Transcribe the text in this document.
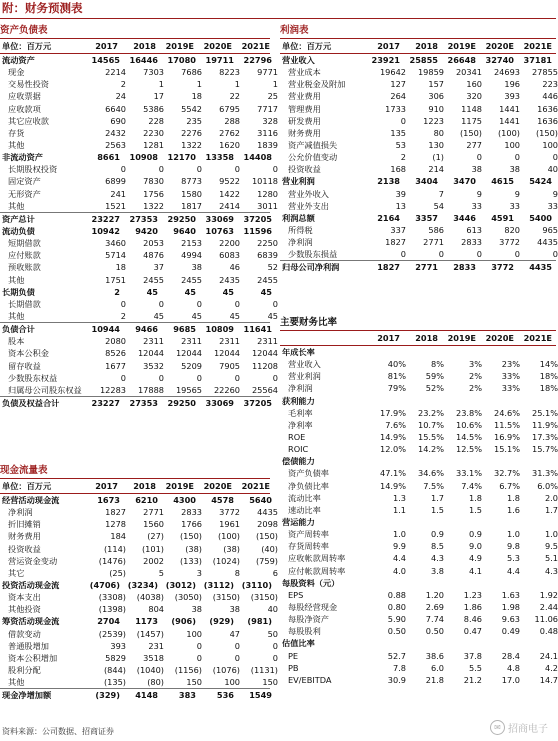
附：财务预测表
资产负债表
单位：百万元	2017	2018	2019E	2020E	2021E
流动资产	14565	16446	17080	19711	22796
现金	2214	7303	7686	8223	9771
交易性投资	2	1	1	1	1
应收票据	24	17	18	22	25
应收款项	6640	5386	5542	6795	7717
其它应收款	690	228	235	288	328
存货	2432	2230	2276	2762	3116
其他	2563	1281	1322	1620	1839
非流动资产	8661	10908	12170	13358	14408
长期股权投资	0	0	0	0	0
固定资产	6899	7830	8773	9522	10118
无形资产	241	1756	1580	1422	1280
其他	1521	1322	1817	2414	3011
资产总计	23227	27353	29250	33069	37205
流动负债	10942	9420	9640	10763	11596
短期借款	3460	2053	2153	2200	2250
应付账款	5714	4876	4994	6083	6839
预收账款	18	37	38	46	52
其他	1751	2455	2455	2435	2455
长期负债	2	45	45	45	45
长期借款	0	0	0	0	0
其他	2	45	45	45	45
负债合计	10944	9466	9685	10809	11641
股本	2080	2311	2311	2311	2311
资本公积金	8526	12044	12044	12044	12044
留存收益	1677	3532	5209	7905	11208
少数股东权益	0	0	0	0	0
归属母公司股东权益	12283	17888	19565	22260	25564
负债及权益合计	23227	27353	29250	33069	37205
现金流量表
单位：百万元	2017	2018	2019E	2020E	2021E
经营活动现金流	1673	6210	4300	4578	5640
净利润	1827	2771	2833	3772	4435
折旧摊销	1278	1560	1766	1961	2098
财务费用	184	(27)	(150)	(100)	(150)
投资收益	(114)	(101)	(38)	(38)	(40)
营运资金变动	(1476)	2002	(133)	(1024)	(759)
其它	(25)	5	3	8	6
投资活动现金流	(4706) (3234) (3012) (3112) (3110)
资本支出	(3308)	(4038)	(3050)	(3150)	(3150)
其他投资	(1398)	804	38	38	40
筹资活动现金流	2704	1173	(906)	(929)	(981)
借款变动	(2539)	(1457)	100	47	50
普通股增加	393	231	0	0	0
资本公积增加	5829	3518	0	0	0
股利分配	(844)	(1040)	(1156)	(1076)	(1131)
其他	(135)	(80)	150	100	150
现金净增加额	(329)	4148	383	536	1549
利润表
单位：百万元	2017	2018	2019E	2020E	2021E
营业收入	23921	25855	26648	32740	37181
营业成本	19642	19859	20341	24693	27855
营业税金及附加	127	157	160	196	223
营业费用	264	306	320	393	446
管理费用	1733	910	1148	1441	1636
研发费用	0	1223	1175	1441	1636
财务费用	135	80	(150)	(100)	(150)
资产减值损失	53	130	277	100	100
公允价值变动	2	(1)	0	0	0
投资收益	168	214	38	38	40
营业利润	2138	3404	3470	4615	5424
营业外收入	39	7	9	9	9
营业外支出	13	54	33	33	33
利润总额	2164	3357	3446	4591	5400
所得税	337	586	613	820	965
净利润	1827	2771	2833	3772	4435
少数股东损益	0	0	0	0	0
归母公司净利润	1827	2771	2833	3772	4435
主要财务比率
2017	2018	2019E	2020E	2021E
年成长率
营业收入	40%	8%	3%	23%	14%
营业利润	81%	59%	2%	33%	18%
净利润	79%	52%	2%	33%	18%
获利能力
毛利率	17.9%	23.2%	23.8%	24.6%	25.1%
净利率	7.6%	10.7%	10.6%	11.5%	11.9%
ROE	14.9%	15.5%	14.5%	16.9%	17.3%
ROIC	12.0%	14.2%	12.5%	15.1%	15.7%
偿债能力
资产负债率	47.1%	34.6%	33.1%	32.7%	31.3%
净负债比率	14.9%	7.5%	7.4%	6.7%	6.0%
流动比率	1.3	1.7	1.8	1.8	2.0
速动比率	1.1	1.5	1.5	1.6	1.7
营运能力
资产周转率	1.0	0.9	0.9	1.0	1.0
存货周转率	9.9	8.5	9.0	9.8	9.5
应收帐款周转率	4.4	4.3	4.9	5.3	5.1
应付帐款周转率	4.0	3.8	4.1	4.4	4.3
每股资料（元）
EPS	0.88	1.20	1.23	1.63	1.92
每股经营现金	0.80	2.69	1.86	1.98	2.44
每股净资产	5.90	7.74	8.46	9.63	11.06
每股股利	0.50	0.50	0.47	0.49	0.48
估值比率
PE	52.7	38.6	37.8	28.4	24.1
PB	7.8	6.0	5.5	4.8	4.2
EV/EBITDA	30.9	21.8	21.2	17.0	14.7
资料来源：公司数据、招商证券	✉ 招商电子
